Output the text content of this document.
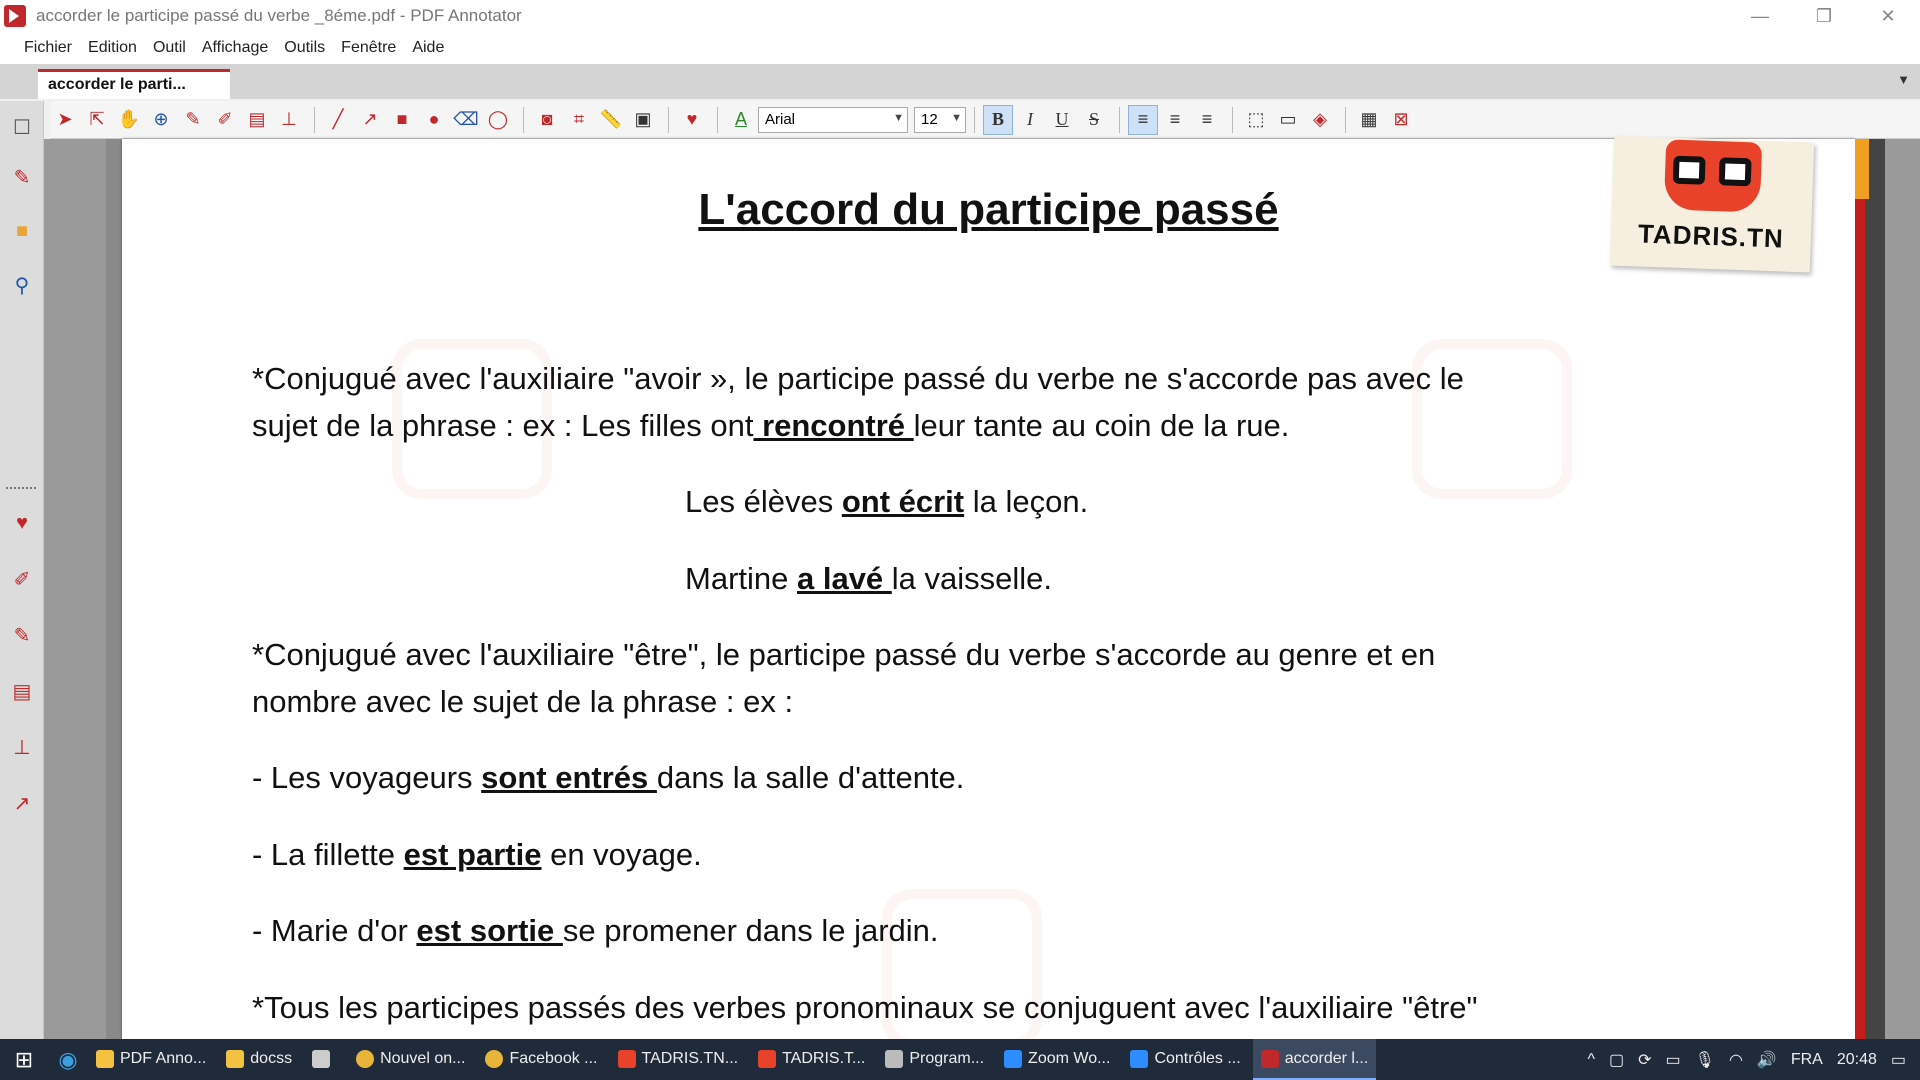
accorder le participe passé du verbe _8éme.pdf - PDF Annotator	—	❐	✕
Fichier Edition Outil Affichage Outils Fenêtre Aide
accorder le parti...	▼
➤ ⇱ ✋ ⊕ ✎ ✐ ▤ ⊥	╱	↗	■	● ⌫ ◯	◙	⌗ 📏 ▣	♥	A	Arial	▼ 12 ▼	B	I	U	S	≡	≡	≡	⬚ ▭ ◈	▦ ⊠
☐
✎
■
⚲
♥
✐
✎
▤
⊥
↗
L'accord du participe passé
TADRIS.TN
*Conjugué avec l'auxiliaire "avoir », le participe passé du verbe ne s'accorde pas avec le
sujet de la phrase : ex : Les filles ont rencontré leur tante au coin de la rue.
Les élèves ont écrit la leçon.
Martine a lavé la vaisselle.
*Conjugué avec l'auxiliaire "être", le participe passé du verbe s'accorde au genre et en
nombre avec le sujet de la phrase : ex :
- Les voyageurs sont entrés dans la salle d'attente.
- La fillette est partie en voyage.
- Marie d'or est sortie se promener dans le jardin.
*Tous les participes passés des verbes pronominaux se conjuguent avec l'auxiliaire "être"
⊞	◉	PDF Anno...	docss	Nouvel on...	Facebook ...	TADRIS.TN...	TADRIS.T...	Program...	Zoom Wo...	Contrôles ...	accorder l...	^ ▢ ⟳ ▭ 🎙 ◠ 🔊 FRA 20:48 ▭
